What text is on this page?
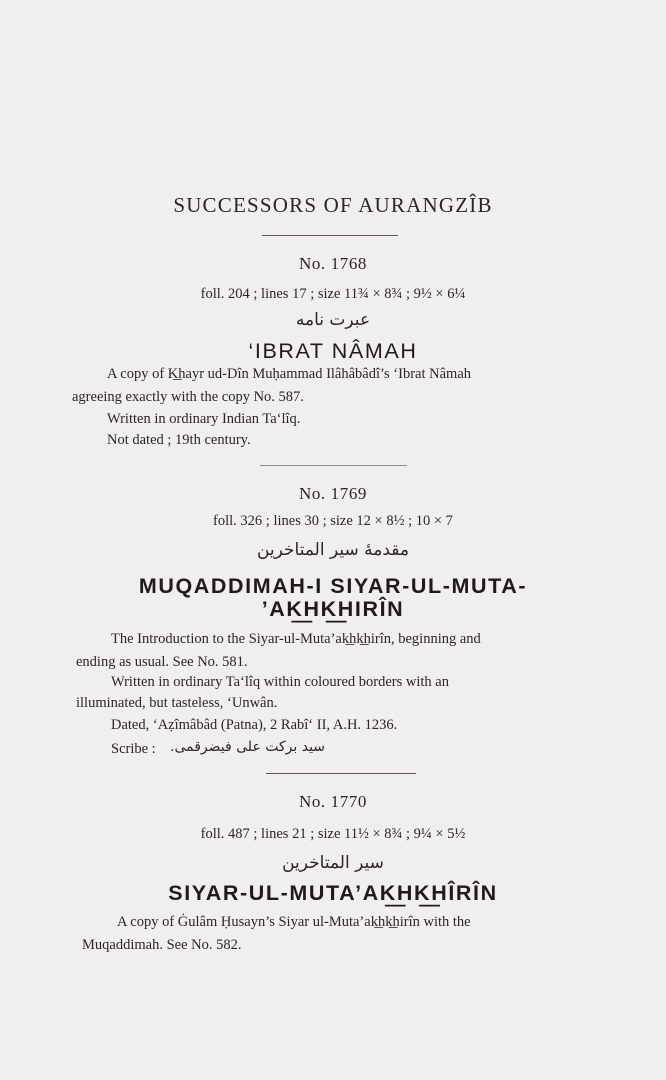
SUCCESSORS OF AURANGZÎB
No. 1768
foll. 204 ; lines 17 ; size 11¾ × 8¾ ; 9½ × 6¼
عبرت نامه
‘IBRAT NÂMAH
A copy of K͟hayr ud-Dîn Muḥammad Ilâhâbâdî’s ‘Ibrat Nâmah
agreeing exactly with the copy No. 587.
Written in ordinary Indian Ta‘lîq.
Not dated ; 19th century.
No. 1769
foll. 326 ; lines 30 ; size 12 × 8½ ; 10 × 7
مقدمهٔ سیر المتاخرین
MUQADDIMAH-I SIYAR-UL-MUTA-
’AK͟HK͟HIRÎN
The Introduction to the Siyar-ul-Muta’ak͟hk͟hirîn, beginning and
ending as usual. See No. 581.
Written in ordinary Ta‘lîq within coloured borders with an
illuminated, but tasteless, ‘Unwân.
Dated, ‘Aẓîmâbâd (Patna), 2 Rabî‘ II, A.H. 1236.
Scribe : سید برکت علی فیضرقمی.
No. 1770
foll. 487 ; lines 21 ; size 11½ × 8¾ ; 9¼ × 5½
سیر المتاخرین
SIYAR-UL-MUTA’AK͟HK͟HÎRÎN
A copy of Ġulâm Ḥusayn’s Siyar ul-Muta’ak͟hk͟hirîn with the
Muqaddimah. See No. 582.
